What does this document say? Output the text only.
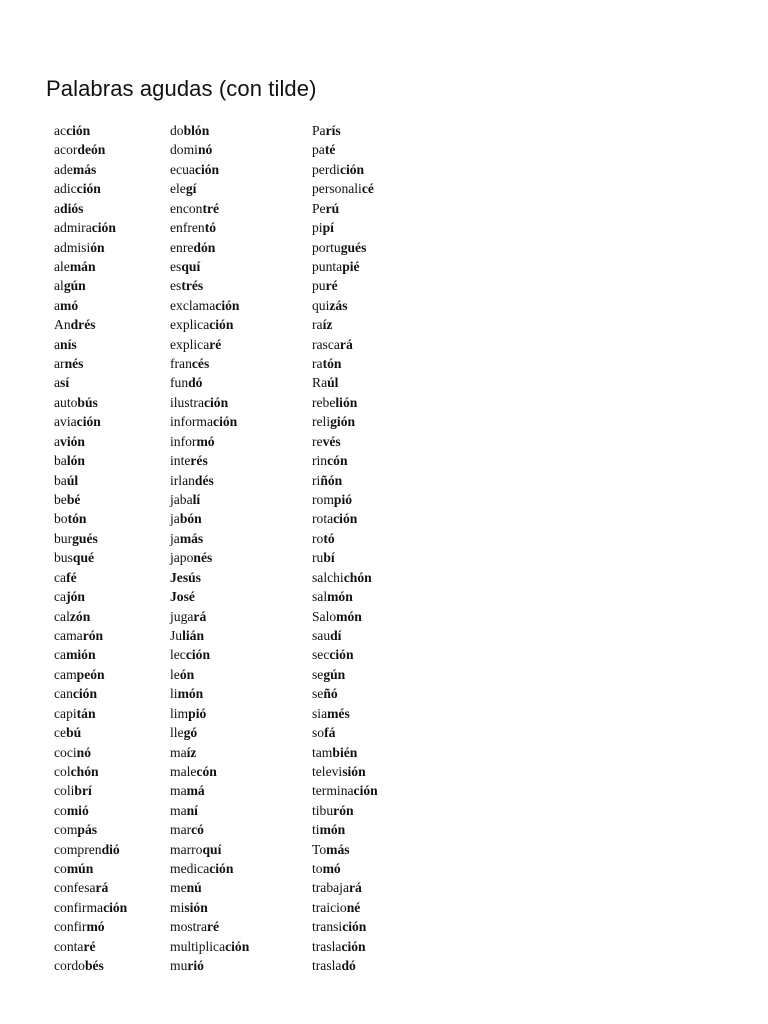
Palabras agudas (con tilde)
acción
acordeón
además
adicción
adiós
admiración
admisión
alemán
algún
amó
Andrés
anís
arnés
así
autobús
aviación
avión
balón
baúl
bebé
botón
burgués
busqué
café
cajón
calzón
camarón
camión
campeón
canción
capitán
cebú
cocinó
colchón
colibrí
comió
compás
comprendió
común
confesará
confirmación
confirmó
contaré
cordobés
doblón
dominó
ecuación
elegí
encontré
enfrentó
enredón
esquí
estrés
exclamación
explicación
explicaré
francés
fundó
ilustración
información
informó
interés
irlandés
jabalí
jabón
jamás
japonés
Jesús
José
jugará
Julián
lección
león
limón
limpió
llegó
maíz
malecón
mamá
maní
marcó
marroquí
medicación
menú
misión
mostraré
multiplicación
murió
París
paté
perdición
personalicé
Perú
pipí
portugués
puntapié
puré
quizás
raíz
rascará
ratón
Raúl
rebelión
religión
revés
rincón
riñón
rompió
rotación
rotó
rubí
salchichón
salmón
Salomón
saudí
sección
según
señó
siamés
sofá
también
televisión
terminación
tiburón
timón
Tomás
tomó
trabajará
traicioné
transición
traslación
trasladó
